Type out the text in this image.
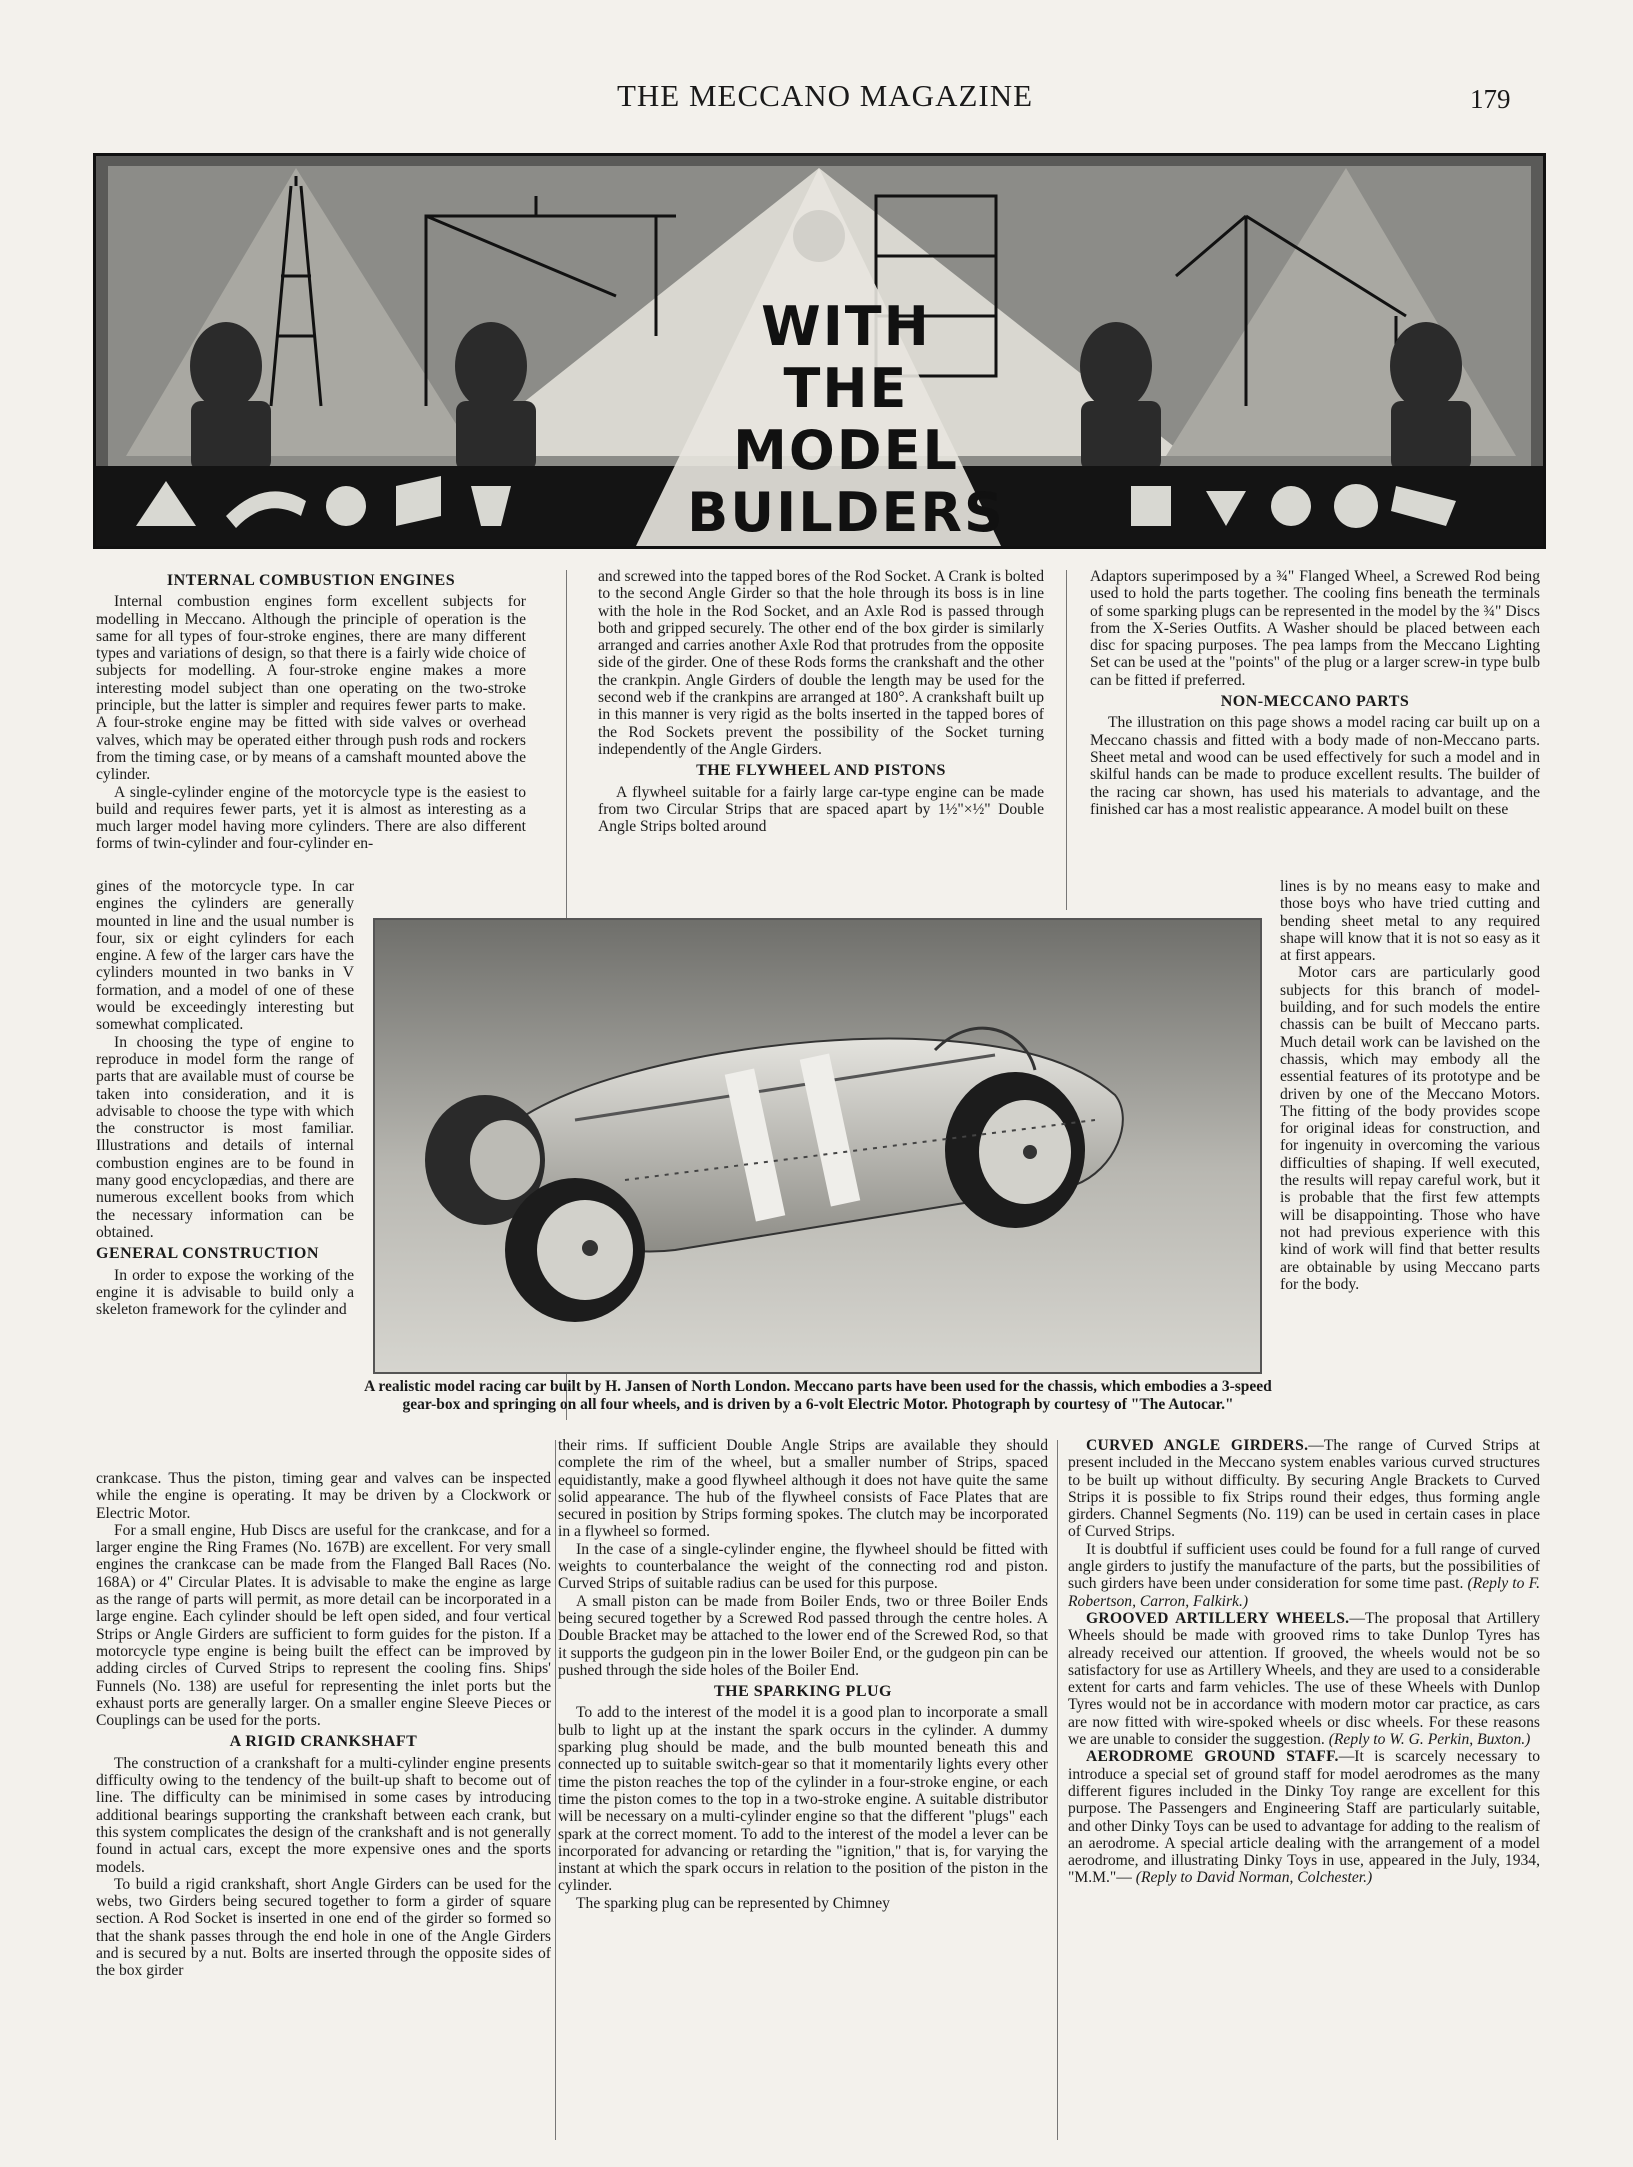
THE MECCANO MAGAZINE	179
WITH
THE
MODEL
BUILDERS
INTERNAL COMBUSTION ENGINES

Internal combustion engines form excellent subjects for modelling in Meccano. Although the principle of operation is the same for all types of four-stroke engines, there are many different types and variations of design, so that there is a fairly wide choice of subjects for modelling. A four-stroke engine makes a more interesting model subject than one operating on the two-stroke principle, but the latter is simpler and requires fewer parts to make. A four-stroke engine may be fitted with side valves or overhead valves, which may be operated either through push rods and rockers from the timing case, or by means of a camshaft mounted above the cylinder.

A single-cylinder engine of the motorcycle type is the easiest to build and requires fewer parts, yet it is almost as interesting as a much larger model having more cylinders. There are also different forms of twin-cylinder and four-cylinder en-

gines of the motorcycle type. In car engines the cylinders are generally mounted in line and the usual number is four, six or eight cylinders for each engine. A few of the larger cars have the cylinders mounted in two banks in V formation, and a model of one of these would be exceedingly interesting but somewhat complicated.

In choosing the type of engine to reproduce in model form the range of parts that are available must of course be taken into consideration, and it is advisable to choose the type with which the constructor is most familiar. Illustrations and details of internal combustion engines are to be found in many good encyclopædias, and there are numerous excellent books from which the necessary information can be obtained.

GENERAL CONSTRUCTION

In order to expose the working of the engine it is advisable to build only a skeleton framework for the cylinder and

crankcase. Thus the piston, timing gear and valves can be inspected while the engine is operating. It may be driven by a Clockwork or Electric Motor.

For a small engine, Hub Discs are useful for the crankcase, and for a larger engine the Ring Frames (No. 167B) are excellent. For very small engines the crankcase can be made from the Flanged Ball Races (No. 168A) or 4" Circular Plates. It is advisable to make the engine as large as the range of parts will permit, as more detail can be incorporated in a large engine. Each cylinder should be left open sided, and four vertical Strips or Angle Girders are sufficient to form guides for the piston. If a motorcycle type engine is being built the effect can be improved by adding circles of Curved Strips to represent the cooling fins. Ships' Funnels (No. 138) are useful for representing the inlet ports but the exhaust ports are generally larger. On a smaller engine Sleeve Pieces or Couplings can be used for the ports.

A RIGID CRANKSHAFT

The construction of a crankshaft for a multi-cylinder engine presents difficulty owing to the tendency of the built-up shaft to become out of line. The difficulty can be minimised in some cases by introducing additional bearings supporting the crankshaft between each crank, but this system complicates the design of the crankshaft and is not generally found in actual cars, except the more expensive ones and the sports models.

To build a rigid crankshaft, short Angle Girders can be used for the webs, two Girders being secured together to form a girder of square section. A Rod Socket is inserted in one end of the girder so formed so that the shank passes through the end hole in one of the Angle Girders and is secured by a nut. Bolts are inserted through the opposite sides of the box girder

and screwed into the tapped bores of the Rod Socket. A Crank is bolted to the second Angle Girder so that the hole through its boss is in line with the hole in the Rod Socket, and an Axle Rod is passed through both and gripped securely. The other end of the box girder is similarly arranged and carries another Axle Rod that protrudes from the opposite side of the girder. One of these Rods forms the crankshaft and the other the crankpin. Angle Girders of double the length may be used for the second web if the crankpins are arranged at 180°. A crankshaft built up in this manner is very rigid as the bolts inserted in the tapped bores of the Rod Sockets prevent the possibility of the Socket turning independently of the Angle Girders.

THE FLYWHEEL AND PISTONS

A flywheel suitable for a fairly large car-type engine can be made from two Circular Strips that are spaced apart by 1½"×½" Double Angle Strips bolted around

their rims. If sufficient Double Angle Strips are available they should complete the rim of the wheel, but a smaller number of Strips, spaced equidistantly, make a good flywheel although it does not have quite the same solid appearance. The hub of the flywheel consists of Face Plates that are secured in position by Strips forming spokes. The clutch may be incorporated in a flywheel so formed.

In the case of a single-cylinder engine, the flywheel should be fitted with weights to counterbalance the weight of the connecting rod and piston. Curved Strips of suitable radius can be used for this purpose.

A small piston can be made from Boiler Ends, two or three Boiler Ends being secured together by a Screwed Rod passed through the centre holes. A Double Bracket may be attached to the lower end of the Screwed Rod, so that it supports the gudgeon pin in the lower Boiler End, or the gudgeon pin can be pushed through the side holes of the Boiler End.

THE SPARKING PLUG

To add to the interest of the model it is a good plan to incorporate a small bulb to light up at the instant the spark occurs in the cylinder. A dummy sparking plug should be made, and the bulb mounted beneath this and connected up to suitable switch-gear so that it momentarily lights every other time the piston reaches the top of the cylinder in a four-stroke engine, or each time the piston comes to the top in a two-stroke engine. A suitable distributor will be necessary on a multi-cylinder engine so that the different "plugs" each spark at the correct moment. To add to the interest of the model a lever can be incorporated for advancing or retarding the "ignition," that is, for varying the instant at which the spark occurs in relation to the position of the piston in the cylinder.

The sparking plug can be represented by Chimney

Adaptors superimposed by a ¾" Flanged Wheel, a Screwed Rod being used to hold the parts together. The cooling fins beneath the terminals of some sparking plugs can be represented in the model by the ¾" Discs from the X-Series Outfits. A Washer should be placed between each disc for spacing purposes. The pea lamps from the Meccano Lighting Set can be used at the "points" of the plug or a larger screw-in type bulb can be fitted if preferred.

NON-MECCANO PARTS

The illustration on this page shows a model racing car built up on a Meccano chassis and fitted with a body made of non-Meccano parts. Sheet metal and wood can be used effectively for such a model and in skilful hands can be made to produce excellent results. The builder of the racing car shown, has used his materials to advantage, and the finished car has a most realistic appearance. A model built on these

lines is by no means easy to make and those boys who have tried cutting and bending sheet metal to any required shape will know that it is not so easy as it at first appears.

Motor cars are particularly good subjects for this branch of model-building, and for such models the entire chassis can be built of Meccano parts. Much detail work can be lavished on the chassis, which may embody all the essential features of its prototype and be driven by one of the Meccano Motors. The fitting of the body provides scope for original ideas for construction, and for ingenuity in overcoming the various difficulties of shaping. If well executed, the results will repay careful work, but it is probable that the first few attempts will be disappointing. Those who have not had previous experience with this kind of work will find that better results are obtainable by using Meccano parts for the body.

CURVED ANGLE GIRDERS.—The range of Curved Strips at present included in the Meccano system enables various curved structures to be built up without difficulty. By securing Angle Brackets to Curved Strips it is possible to fix Strips round their edges, thus forming angle girders. Channel Segments (No. 119) can be used in certain cases in place of Curved Strips.

It is doubtful if sufficient uses could be found for a full range of curved angle girders to justify the manufacture of the parts, but the possibilities of such girders have been under consideration for some time past. (Reply to F. Robertson, Carron, Falkirk.)

GROOVED ARTILLERY WHEELS.—The proposal that Artillery Wheels should be made with grooved rims to take Dunlop Tyres has already received our attention. If grooved, the wheels would not be so satisfactory for use as Artillery Wheels, and they are used to a considerable extent for carts and farm vehicles. The use of these Wheels with Dunlop Tyres would not be in accordance with modern motor car practice, as cars are now fitted with wire-spoked wheels or disc wheels. For these reasons we are unable to consider the suggestion. (Reply to W. G. Perkin, Buxton.)

AERODROME GROUND STAFF.—It is scarcely necessary to introduce a special set of ground staff for model aerodromes as the many different figures included in the Dinky Toy range are excellent for this purpose. The Passengers and Engineering Staff are particularly suitable, and other Dinky Toys can be used to advantage for adding to the realism of an aerodrome. A special article dealing with the arrangement of a model aerodrome, and illustrating Dinky Toys in use, appeared in the July, 1934, "M.M."— (Reply to David Norman, Colchester.)

A realistic model racing car built by H. Jansen of North London. Meccano parts have been used for the chassis, which embodies a 3-speed gear-box and springing on all four wheels, and is driven by a 6-volt Electric Motor. Photograph by courtesy of "The Autocar."
